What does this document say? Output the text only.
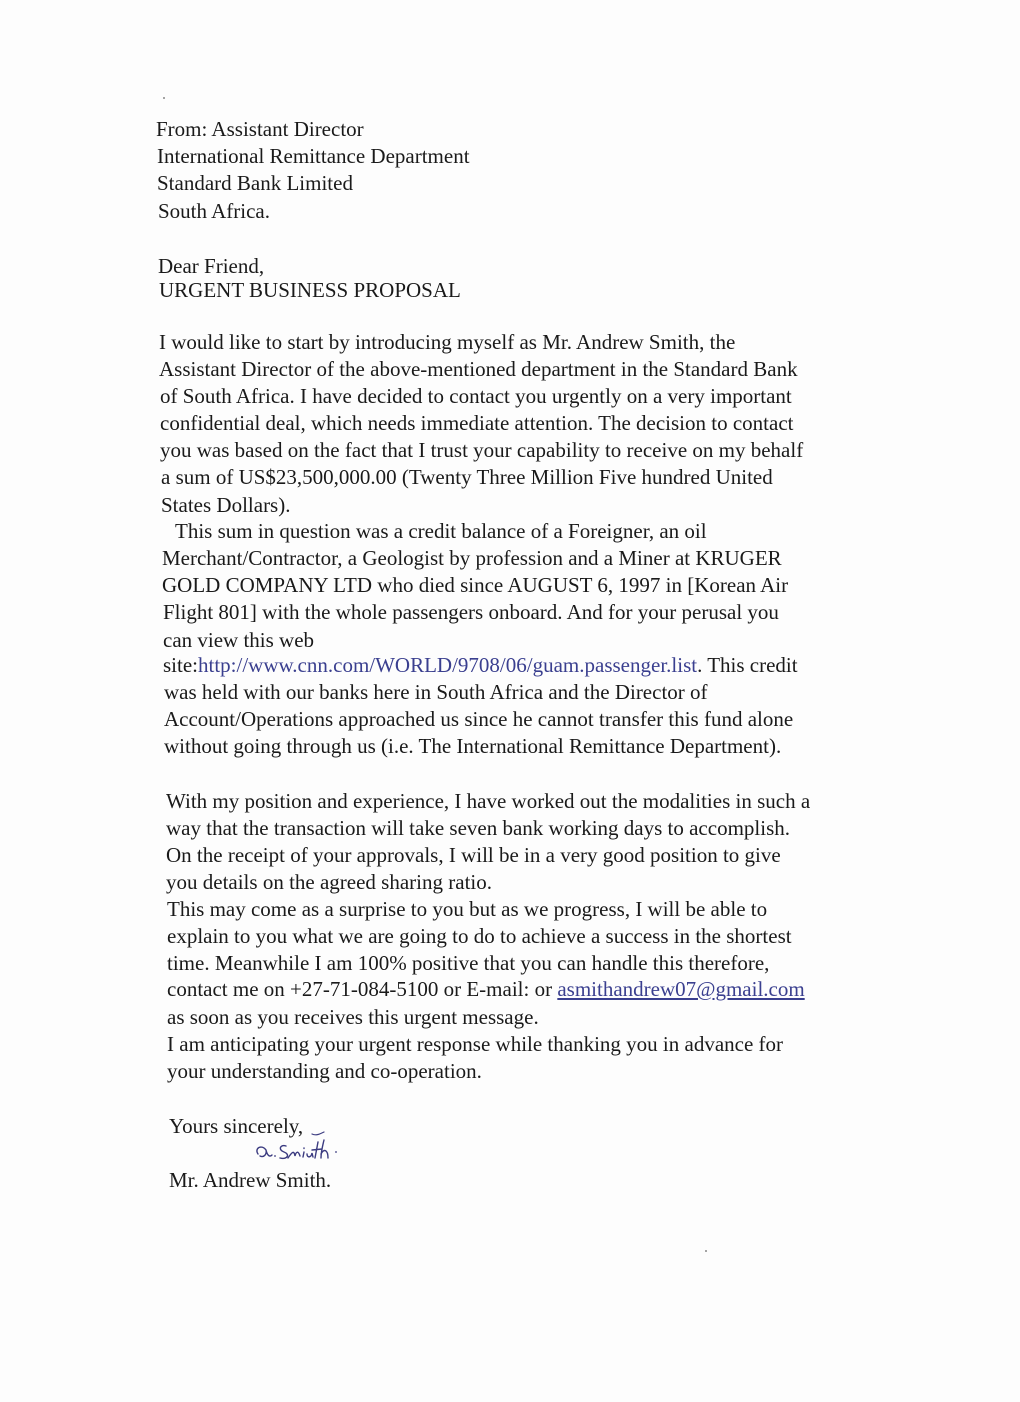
From: Assistant Director
International Remittance Department
Standard Bank Limited
South Africa.
Dear Friend,
URGENT BUSINESS PROPOSAL
I would like to start by introducing myself as Mr. Andrew Smith, the
Assistant Director of the above-mentioned department in the Standard Bank
of South Africa. I have decided to contact you urgently on a very important
confidential deal, which needs immediate attention. The decision to contact
you was based on the fact that I trust your capability to receive on my behalf
a sum of US$23,500,000.00 (Twenty Three Million Five hundred United
States Dollars).
This sum in question was a credit balance of a Foreigner, an oil
Merchant/Contractor, a Geologist by profession and a Miner at KRUGER
GOLD COMPANY LTD who died since AUGUST 6, 1997 in [Korean Air
Flight 801] with the whole passengers onboard. And for your perusal you
can view this web
site:http://www.cnn.com/WORLD/9708/06/guam.passenger.list. This credit
was held with our banks here in South Africa and the Director of
Account/Operations approached us since he cannot transfer this fund alone
without going through us (i.e. The International Remittance Department).
With my position and experience, I have worked out the modalities in such a
way that the transaction will take seven bank working days to accomplish.
On the receipt of your approvals, I will be in a very good position to give
you details on the agreed sharing ratio.
This may come as a surprise to you but as we progress, I will be able to
explain to you what we are going to do to achieve a success in the shortest
time. Meanwhile I am 100% positive that you can handle this therefore,
contact me on +27-71-084-5100 or E-mail: or asmithandrew07@gmail.com
as soon as you receives this urgent message.
I am anticipating your urgent response while thanking you in advance for
your understanding and co-operation.
Yours sincerely,
Mr. Andrew Smith.
